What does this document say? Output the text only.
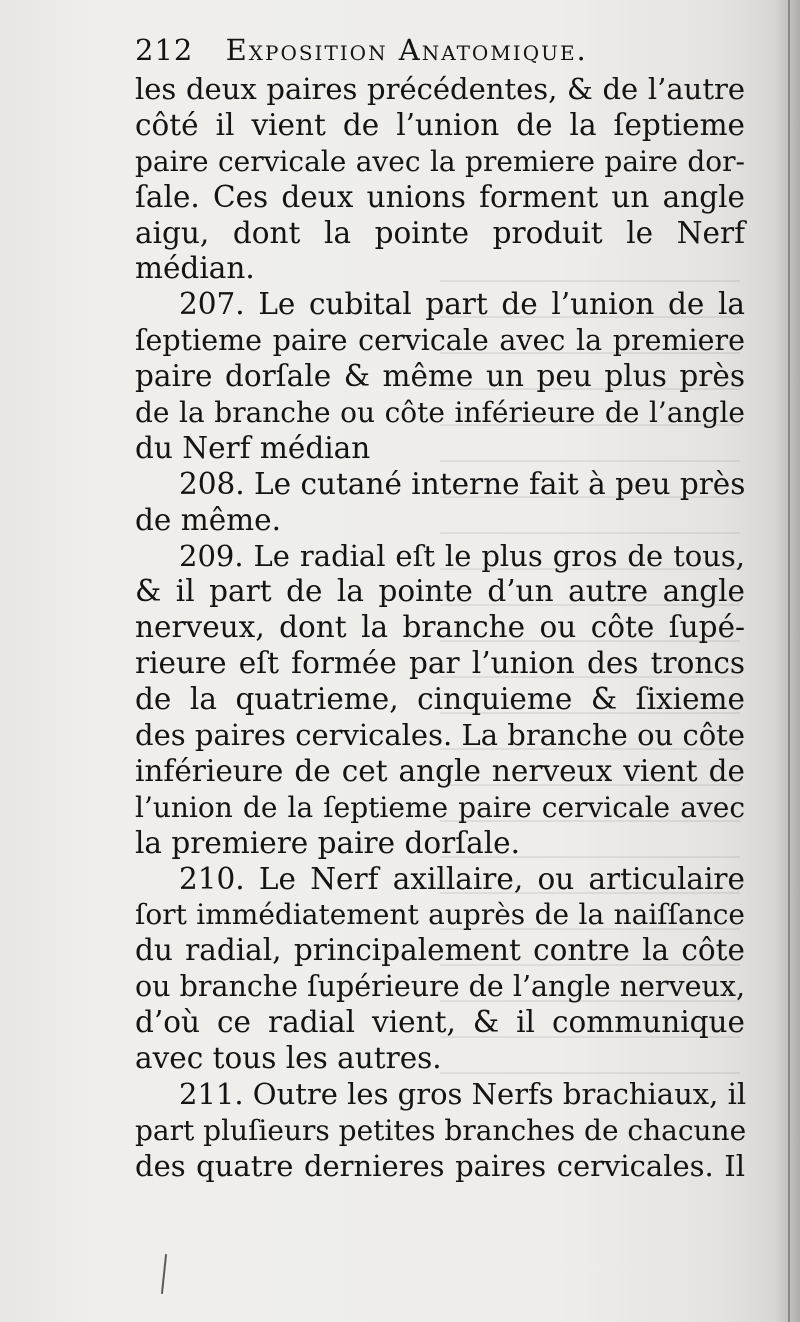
212 Exposition Anatomique.
les deux paires précédentes, & de l’autre
côté il vient de l’union de la ſeptieme
paire cervicale avec la premiere paire dor-
ſale. Ces deux unions forment un angle
aigu, dont la pointe produit le Nerf
médian.
207. Le cubital part de l’union de la
ſeptieme paire cervicale avec la premiere
paire dorſale & même un peu plus près
de la branche ou côte inférieure de l’angle
du Nerf médian
208. Le cutané interne fait à peu près
de même.
209. Le radial eſt le plus gros de tous,
& il part de la pointe d’un autre angle
nerveux, dont la branche ou côte ſupé-
rieure eſt formée par l’union des troncs
de la quatrieme, cinquieme & ſixieme
des paires cervicales. La branche ou côte
inférieure de cet angle nerveux vient de
l’union de la ſeptieme paire cervicale avec
la premiere paire dorſale.
210. Le Nerf axillaire, ou articulaire
ſort immédiatement auprès de la naiſſance
du radial, principalement contre la côte
ou branche ſupérieure de l’angle nerveux,
d’où ce radial vient, & il communique
avec tous les autres.
211. Outre les gros Nerfs brachiaux, il
part pluſieurs petites branches de chacune
des quatre dernieres paires cervicales. Il
